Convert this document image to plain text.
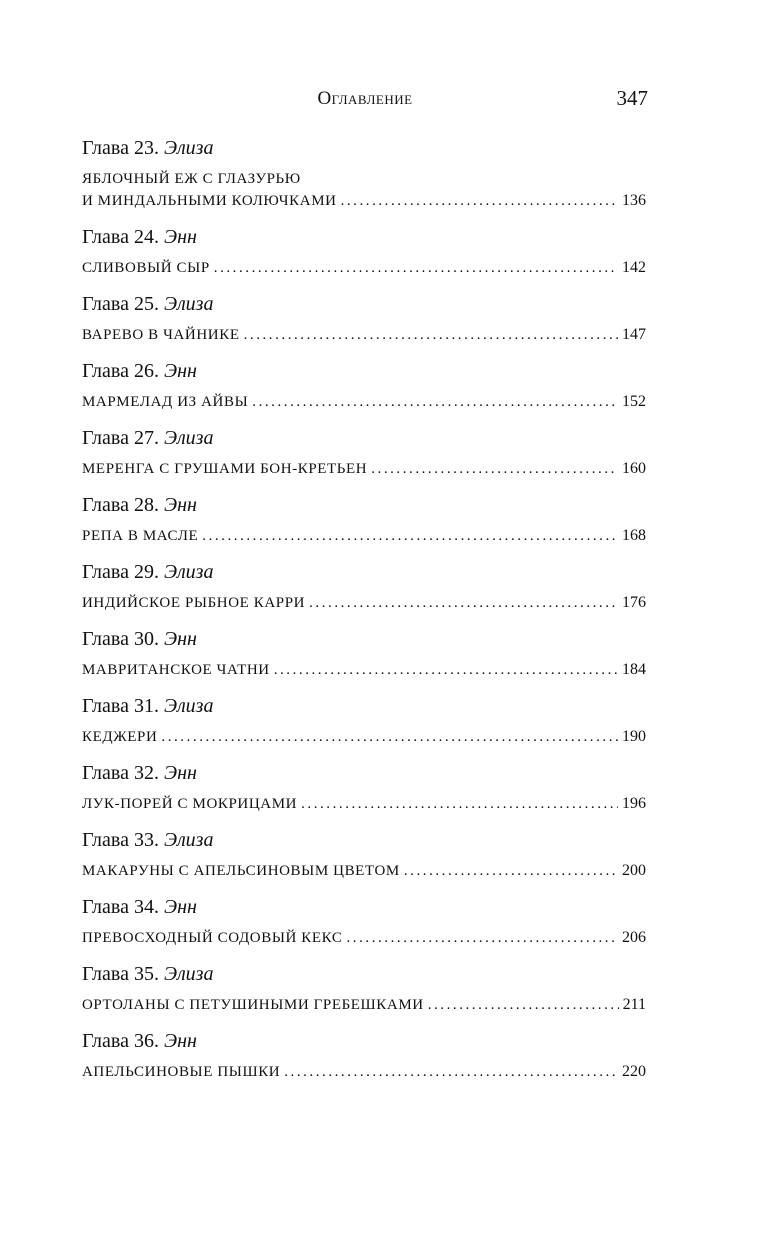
Оглавление	347
Глава 23. Элиза
ЯБЛОЧНЫЙ ЕЖ С ГЛАЗУРЬЮ
И МИНДАЛЬНЫМИ КОЛЮЧКАМИ . . .	136
Глава 24. Энн
СЛИВОВЫЙ СЫР . . .	142
Глава 25. Элиза
ВАРЕВО В ЧАЙНИКЕ . . .	147
Глава 26. Энн
МАРМЕЛАД ИЗ АЙВЫ . . .	152
Глава 27. Элиза
МЕРЕНГА С ГРУШАМИ БОН-КРЕТЬЕН . . .	160
Глава 28. Энн
РЕПА В МАСЛЕ . . .	168
Глава 29. Элиза
ИНДИЙСКОЕ РЫБНОЕ КАРРИ . . .	176
Глава 30. Энн
МАВРИТАНСКОЕ ЧАТНИ . . .	184
Глава 31. Элиза
КЕДЖЕРИ . . .	190
Глава 32. Энн
ЛУК-ПОРЕЙ С МОКРИЦАМИ . . .	196
Глава 33. Элиза
МАКАРУНЫ С АПЕЛЬСИНОВЫМ ЦВЕТОМ . . .	200
Глава 34. Энн
ПРЕВОСХОДНЫЙ СОДОВЫЙ КЕКС . . .	206
Глава 35. Элиза
ОРТОЛАНЫ С ПЕТУШИНЫМИ ГРЕБЕШКАМИ . . .	211
Глава 36. Энн
АПЕЛЬСИНОВЫЕ ПЫШКИ . . .	220
